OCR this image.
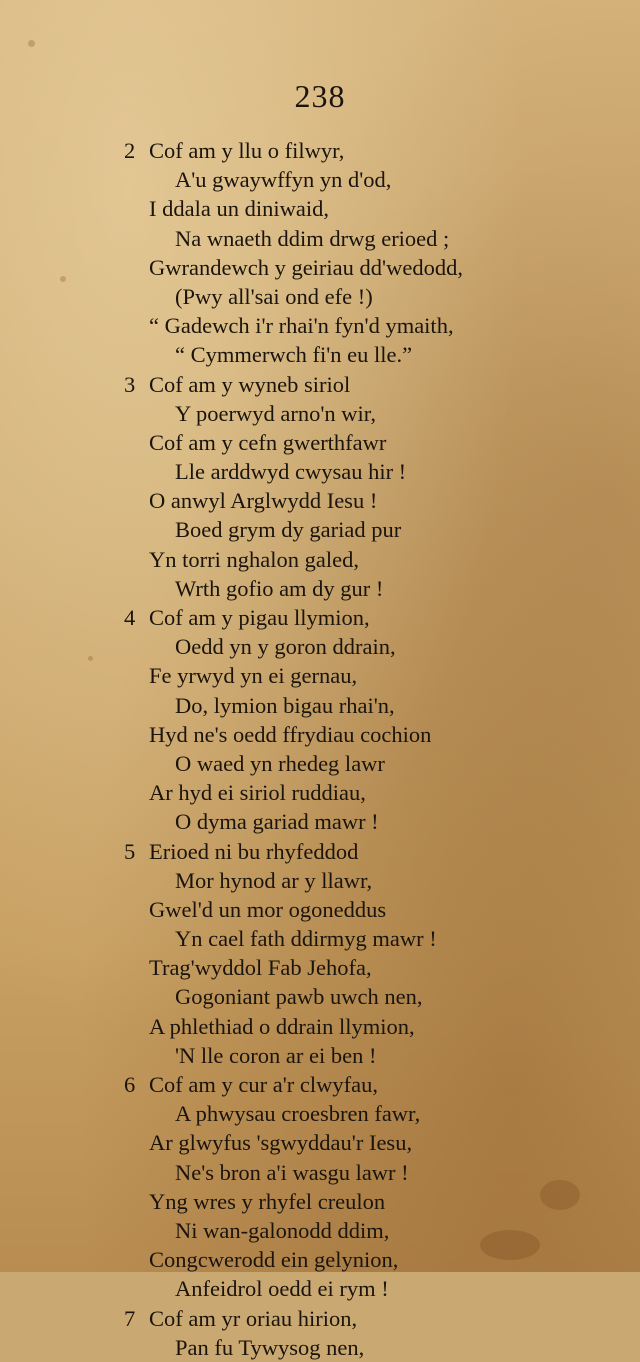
238
2 Cof am y llu o filwyr,
A'u gwaywffyn yn d'od,
I ddala un diniwaid,
Na wnaeth ddim drwg erioed ;
Gwrandewch y geiriau dd'wedodd,
(Pwy all'sai ond efe !)
“ Gadewch i'r rhai'n fyn'd ymaith,
“ Cymmerwch fi'n eu lle.”
3 Cof am y wyneb siriol
Y poerwyd arno'n wir,
Cof am y cefn gwerthfawr
Lle arddwyd cwysau hir !
O anwyl Arglwydd Iesu !
Boed grym dy gariad pur
Yn torri nghalon galed,
Wrth gofio am dy gur !
4 Cof am y pigau llymion,
Oedd yn y goron ddrain,
Fe yrwyd yn ei gernau,
Do, lymion bigau rhai'n,
Hyd ne's oedd ffrydiau cochion
O waed yn rhedeg lawr
Ar hyd ei siriol ruddiau,
O dyma gariad mawr !
5 Erioed ni bu rhyfeddod
Mor hynod ar y llawr,
Gwel'd un mor ogoneddus
Yn cael fath ddirmyg mawr !
Trag'wyddol Fab Jehofa,
Gogoniant pawb uwch nen,
A phlethiad o ddrain llymion,
'N lle coron ar ei ben !
6 Cof am y cur a'r clwyfau,
A phwysau croesbren fawr,
Ar glwyfus 'sgwyddau'r Iesu,
Ne's bron a'i wasgu lawr !
Yng wres y rhyfel creulon
Ni wan-galonodd ddim,
Congcwerodd ein gelynion,
Anfeidrol oedd ei rym !
7 Cof am yr oriau hirion,
Pan fu Tywysog nen,
